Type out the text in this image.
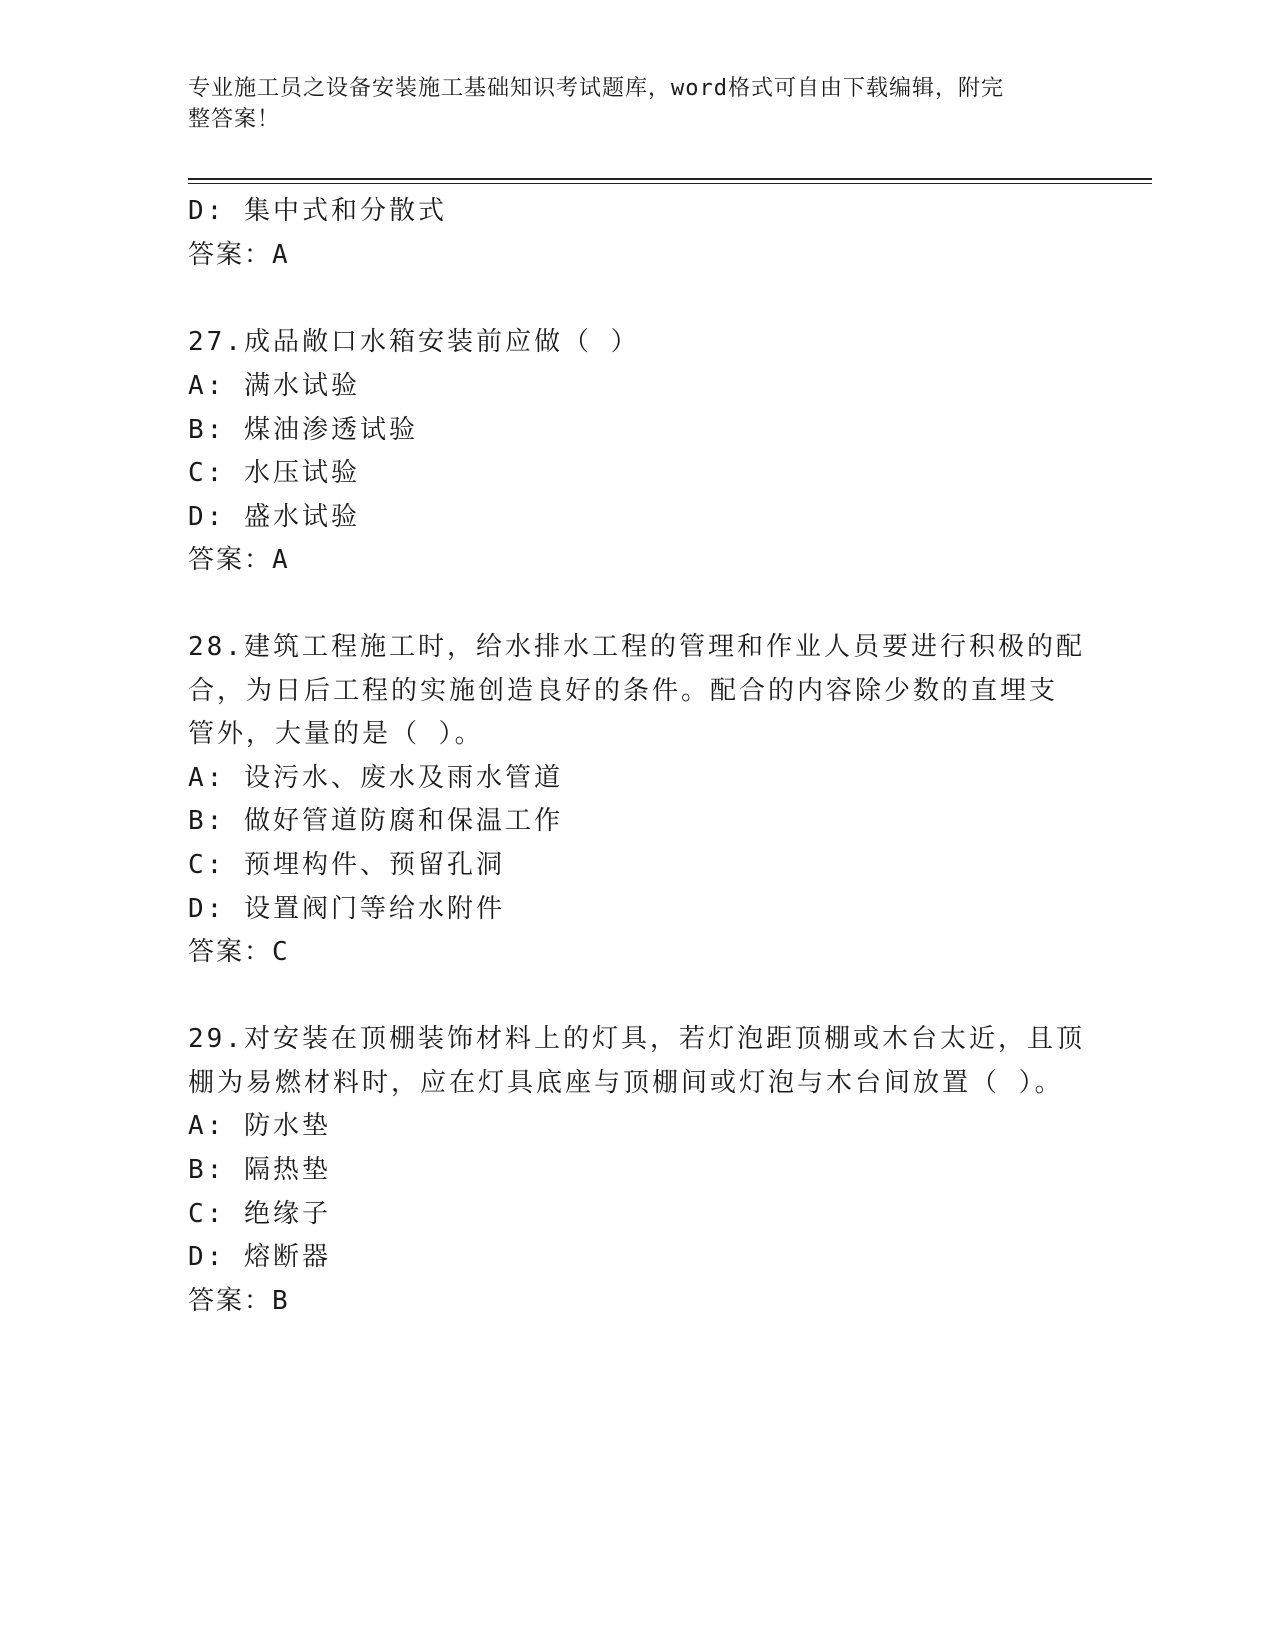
专业施工员之设备安装施工基础知识考试题库，word格式可自由下载编辑，附完
整答案！
D: 集中式和分散式
答案：A
27.成品敞口水箱安装前应做（ ）
A: 满水试验
B: 煤油渗透试验
C: 水压试验
D: 盛水试验
答案：A
28.建筑工程施工时，给水排水工程的管理和作业人员要进行积极的配
合，为日后工程的实施创造良好的条件。配合的内容除少数的直埋支
管外，大量的是（ ）。
A: 设污水、废水及雨水管道
B: 做好管道防腐和保温工作
C: 预埋构件、预留孔洞
D: 设置阀门等给水附件
答案：C
29.对安装在顶棚装饰材料上的灯具，若灯泡距顶棚或木台太近，且顶
棚为易燃材料时，应在灯具底座与顶棚间或灯泡与木台间放置（ ）。
A: 防水垫
B: 隔热垫
C: 绝缘子
D: 熔断器
答案：B
